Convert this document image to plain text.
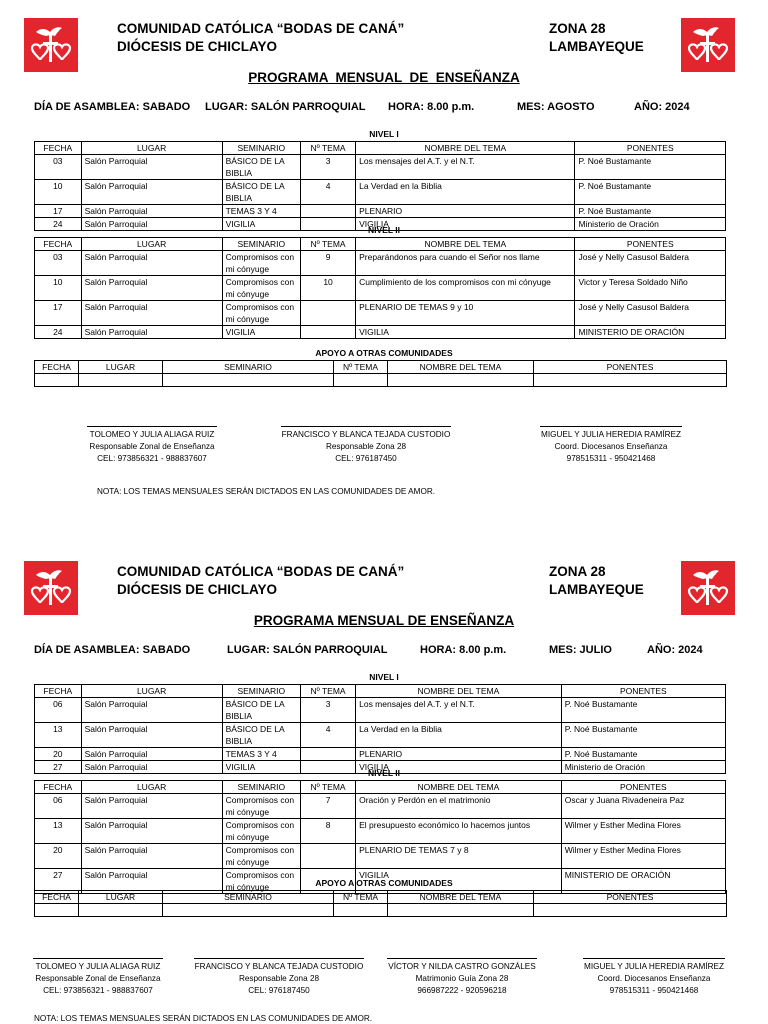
COMUNIDAD CATÓLICA “BODAS DE CANÁ”
DIÓCESIS DE CHICLAYO
ZONA 28
LAMBAYEQUE
PROGRAMA  MENSUAL  DE  ENSEÑANZA
DÍA DE ASAMBLEA: SABADO LUGAR: SALÓN PARROQUIAL HORA: 8.00 p.m.	MES: AGOSTO	AÑO: 2024
NIVEL I
FECHA	LUGAR	SEMINARIO	Nº TEMA	NOMBRE DEL TEMA	PONENTES
03	Salón Parroquial	BÁSICO DE LA BIBLIA	3	Los mensajes del A.T. y el N.T.	P. Noé Bustamante
10	Salón Parroquial	BÁSICO DE LA BIBLIA	4	La Verdad en la Biblia	P. Noé Bustamante
17	Salón Parroquial	TEMAS 3 Y 4		PLENARIO	P. Noé Bustamante
24	Salón Parroquial	VIGILIA		VIGILIA	Ministerio de Oración
NIVEL II
FECHA	LUGAR	SEMINARIO	Nº TEMA	NOMBRE DEL TEMA	PONENTES
03	Salón Parroquial	Compromisos con mi cónyuge	9	Preparándonos para cuando el Señor nos llame	José y Nelly Casusol Baldera
10	Salón Parroquial	Compromisos con mi cónyuge	10	Cumplimiento de los compromisos con mi cónyuge	Victor y Teresa Soldado Niño
17	Salón Parroquial	Compromisos con mi cónyuge		PLENARIO DE TEMAS 9 y 10	José y Nelly Casusol Baldera
24	Salón Parroquial	VIGILIA		VIGILIA	MINISTERIO DE ORACIÓN
APOYO A OTRAS COMUNIDADES
FECHA	LUGAR	SEMINARIO	Nº TEMA	NOMBRE DEL TEMA	PONENTES

TOLOMEO Y JULIA ALIAGA RUIZ
Responsable Zonal de Enseñanza
CEL: 973856321 - 988837607
FRANCISCO Y BLANCA TEJADA CUSTODIO
Responsable Zona 28
CEL: 976187450
MIGUEL Y JULIA HEREDIA RAMÍREZ
Coord. Diocesanos Enseñanza
978515311 - 950421468
NOTA: LOS TEMAS MENSUALES SERÁN DICTADOS EN LAS COMUNIDADES DE AMOR.
COMUNIDAD CATÓLICA “BODAS DE CANÁ”
DIÓCESIS DE CHICLAYO
ZONA 28
LAMBAYEQUE
PROGRAMA MENSUAL DE ENSEÑANZA
DÍA DE ASAMBLEA: SABADO	LUGAR: SALÓN PARROQUIAL	HORA: 8.00 p.m.	MES: JULIO	AÑO: 2024
NIVEL I
FECHA	LUGAR	SEMINARIO	Nº TEMA	NOMBRE DEL TEMA	PONENTES
06	Salón Parroquial	BÁSICO DE LA BIBLIA	3	Los mensajes del A.T. y el N.T.	P. Noé Bustamante
13	Salón Parroquial	BÁSICO DE LA BIBLIA	4	La Verdad en la Biblia	P. Noé Bustamante
20	Salón Parroquial	TEMAS 3 Y 4		PLENARIO	P. Noé Bustamante
27	Salón Parroquial	VIGILIA		VIGILIA	Ministerio de Oración
NIVEL II
FECHA	LUGAR	SEMINARIO	Nº TEMA	NOMBRE DEL TEMA	PONENTES
06	Salón Parroquial	Compromisos con mi cónyuge	7	Oración y Perdón en el matrimonio	Oscar y Juana Rivadeneira Paz
13	Salón Parroquial	Compromisos con mi cónyuge	8	El presupuesto económico lo hacemos juntos	Wilmer y Esther Medina Flores
20	Salón Parroquial	Compromisos con mi cónyuge		PLENARIO DE TEMAS 7 y 8	Wilmer y Esther Medina Flores
27	Salón Parroquial	Compromisos con mi cónyuge		VIGILIA	MINISTERIO DE ORACIÓN
APOYO A OTRAS COMUNIDADES
FECHA	LUGAR	SEMINARIO	Nº TEMA	NOMBRE DEL TEMA	PONENTES

TOLOMEO Y JULIA ALIAGA RUIZ
Responsable Zonal de Enseñanza
CEL: 973856321 - 988837607
FRANCISCO Y BLANCA TEJADA CUSTODIO
Responsable Zona 28
CEL: 976187450
VÍCTOR Y NILDA CASTRO GONZÁLES
Matrimonio Guía Zona 28
966987222 - 920596218
MIGUEL Y JULIA HEREDIA RAMÍREZ
Coord. Diocesanos Enseñanza
978515311 - 950421468
NOTA: LOS TEMAS MENSUALES SERÁN DICTADOS EN LAS COMUNIDADES DE AMOR.
